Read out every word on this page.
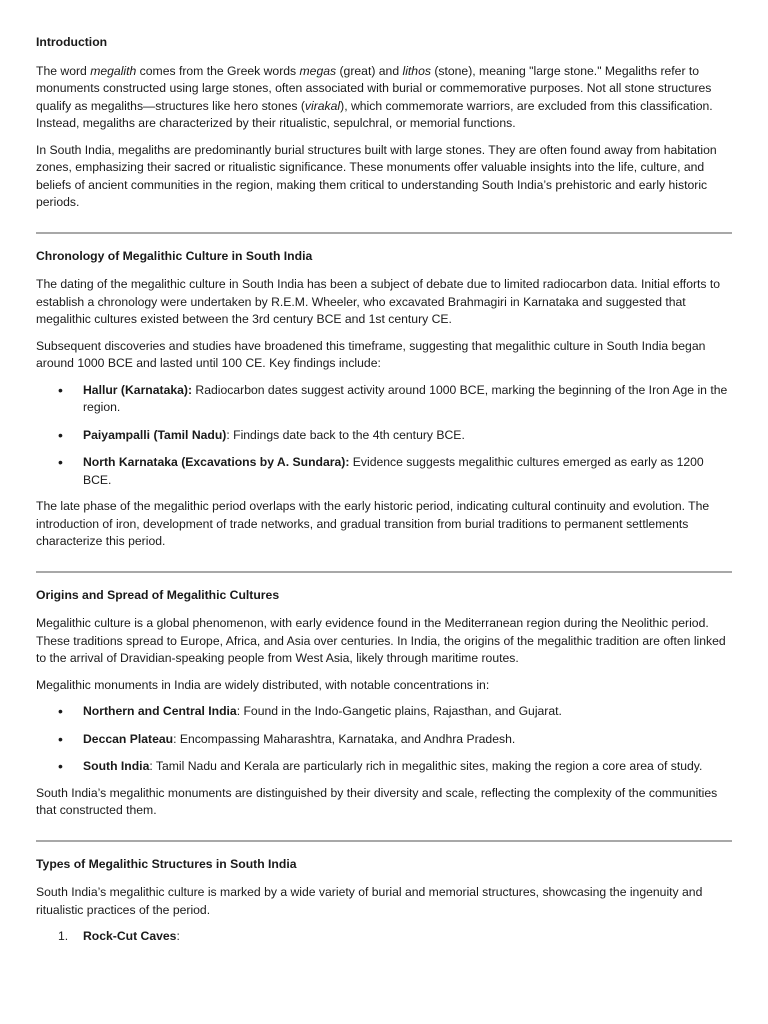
Introduction

The word megalith comes from the Greek words megas (great) and lithos (stone), meaning "large stone." Megaliths refer to monuments constructed using large stones, often associated with burial or commemorative purposes. Not all stone structures qualify as megaliths—structures like hero stones (virakal), which commemorate warriors, are excluded from this classification. Instead, megaliths are characterized by their ritualistic, sepulchral, or memorial functions.

In South India, megaliths are predominantly burial structures built with large stones. They are often found away from habitation zones, emphasizing their sacred or ritualistic significance. These monuments offer valuable insights into the life, culture, and beliefs of ancient communities in the region, making them critical to understanding South India’s prehistoric and early historic periods.

Chronology of Megalithic Culture in South India

The dating of the megalithic culture in South India has been a subject of debate due to limited radiocarbon data. Initial efforts to establish a chronology were undertaken by R.E.M. Wheeler, who excavated Brahmagiri in Karnataka and suggested that megalithic cultures existed between the 3rd century BCE and 1st century CE.

Subsequent discoveries and studies have broadened this timeframe, suggesting that megalithic culture in South India began around 1000 BCE and lasted until 100 CE. Key findings include:

• Hallur (Karnataka): Radiocarbon dates suggest activity around 1000 BCE, marking the beginning of the Iron Age in the region.
• Paiyampalli (Tamil Nadu): Findings date back to the 4th century BCE.
• North Karnataka (Excavations by A. Sundara): Evidence suggests megalithic cultures emerged as early as 1200 BCE.

The late phase of the megalithic period overlaps with the early historic period, indicating cultural continuity and evolution. The introduction of iron, development of trade networks, and gradual transition from burial traditions to permanent settlements characterize this period.

Origins and Spread of Megalithic Cultures

Megalithic culture is a global phenomenon, with early evidence found in the Mediterranean region during the Neolithic period. These traditions spread to Europe, Africa, and Asia over centuries. In India, the origins of the megalithic tradition are often linked to the arrival of Dravidian-speaking people from West Asia, likely through maritime routes.

Megalithic monuments in India are widely distributed, with notable concentrations in:

• Northern and Central India: Found in the Indo-Gangetic plains, Rajasthan, and Gujarat.
• Deccan Plateau: Encompassing Maharashtra, Karnataka, and Andhra Pradesh.
• South India: Tamil Nadu and Kerala are particularly rich in megalithic sites, making the region a core area of study.

South India’s megalithic monuments are distinguished by their diversity and scale, reflecting the complexity of the communities that constructed them.

Types of Megalithic Structures in South India

South India’s megalithic culture is marked by a wide variety of burial and memorial structures, showcasing the ingenuity and ritualistic practices of the period.

1. Rock-Cut Caves:
